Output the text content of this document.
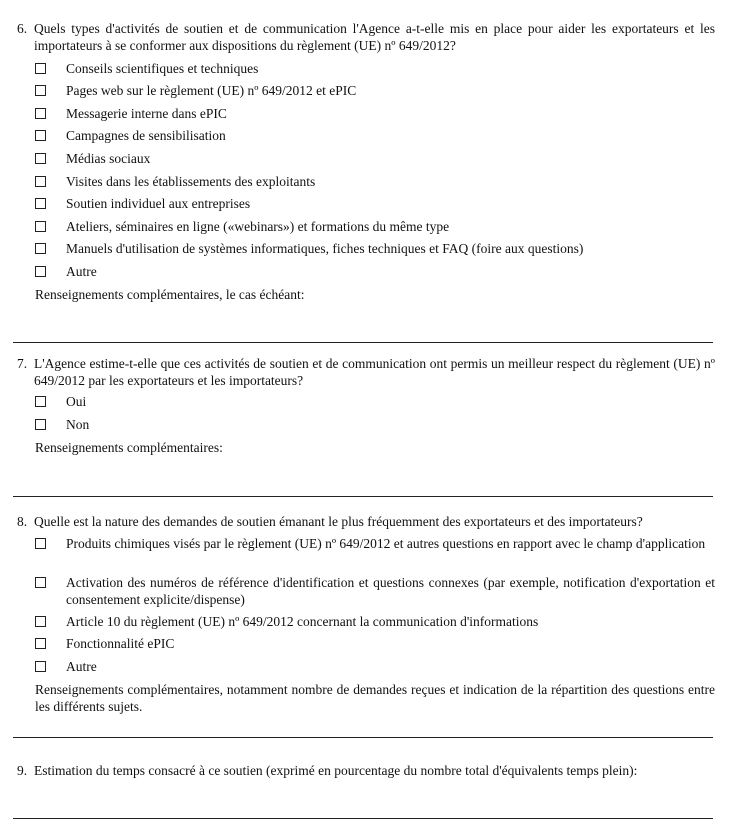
6. Quels types d'activités de soutien et de communication l'Agence a-t-elle mis en place pour aider les exportateurs et les importateurs à se conformer aux dispositions du règlement (UE) nº 649/2012?
Conseils scientifiques et techniques
Pages web sur le règlement (UE) nº 649/2012 et ePIC
Messagerie interne dans ePIC
Campagnes de sensibilisation
Médias sociaux
Visites dans les établissements des exploitants
Soutien individuel aux entreprises
Ateliers, séminaires en ligne («webinars») et formations du même type
Manuels d'utilisation de systèmes informatiques, fiches techniques et FAQ (foire aux questions)
Autre
Renseignements complémentaires, le cas échéant:
7. L'Agence estime-t-elle que ces activités de soutien et de communication ont permis un meilleur respect du règlement (UE) nº 649/2012 par les exportateurs et les importateurs?
Oui
Non
Renseignements complémentaires:
8. Quelle est la nature des demandes de soutien émanant le plus fréquemment des exportateurs et des importateurs?
Produits chimiques visés par le règlement (UE) nº 649/2012 et autres questions en rapport avec le champ d'application
Activation des numéros de référence d'identification et questions connexes (par exemple, notification d'exportation et consentement explicite/dispense)
Article 10 du règlement (UE) nº 649/2012 concernant la communication d'informations
Fonctionnalité ePIC
Autre
Renseignements complémentaires, notamment nombre de demandes reçues et indication de la répartition des questions entre les différents sujets.
9. Estimation du temps consacré à ce soutien (exprimé en pourcentage du nombre total d'équivalents temps plein):
